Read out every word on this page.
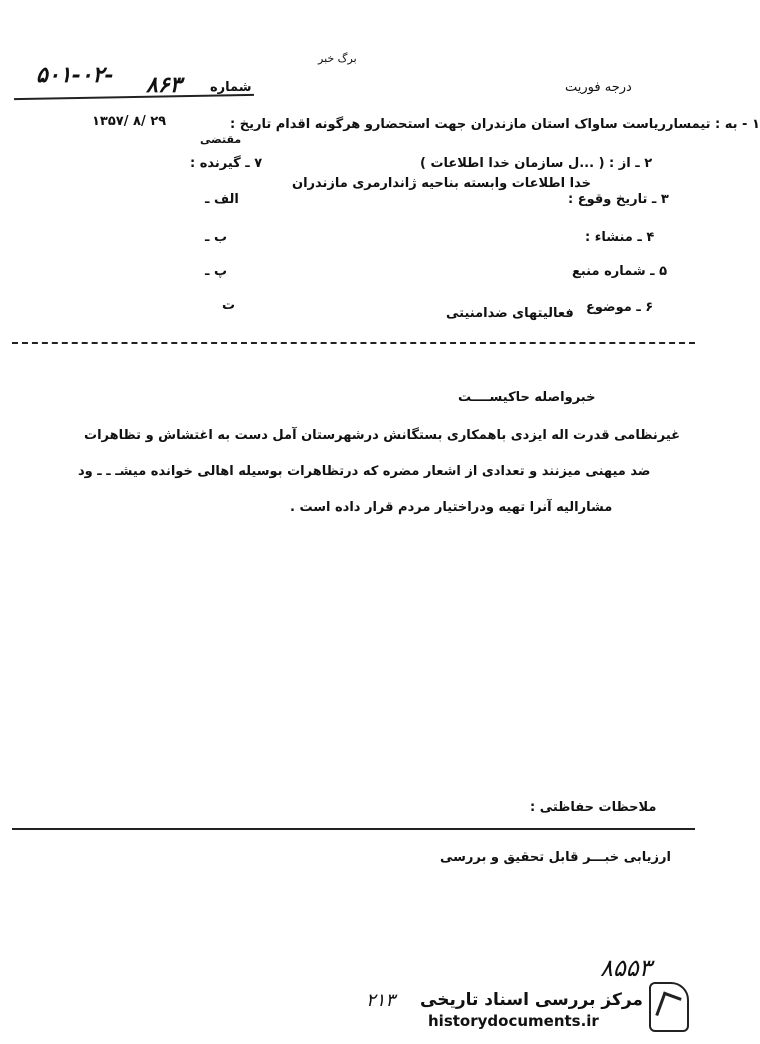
برگ خبر
۵۰۱-۰۲- ۸۶۳ شماره	درجه فوریت
۱ - به : تیمسارریاست ساواک استان مازندران جهت استحضارو هرگونه اقدام تاریخ :
مقتضی
۱۳۵۷/ ۸/ ۲۹
۲ ـ از : ( ...ل سازمان خدا اطلاعات )
خدا اطلاعات وابسته بناحیه ژاندارمری مازندران
۷ ـ گیرنده :
الف ـ
ب ـ
پ ـ
ت
۳ ـ تاریخ وقوع :
۴ ـ منشاء :
۵ ـ شماره منبع
۶ ـ موضوع
فعالیتهای ضدامنیتی
خبرواصله حاکیســــت
غیرنظامی قدرت اله ایزدی باهمکاری بستگانش درشهرستان آمل دست به اغتشاش و تظاهرات
ضد میهنی میزنند و تعدادی از اشعار مضره که درتظاهرات بوسیله اهالی خوانده میشـ ـ ـ ود
مشارالیه آنرا تهیه ودراختیار مردم قرار داده است .
ملاحظات حفاظتی :
ارزیابی خبـــر قابل تحقیق و بررسی
۸۵۵۳
۲۱۳ مرکز بررسی اسناد تاریخی
historydocuments.ir
